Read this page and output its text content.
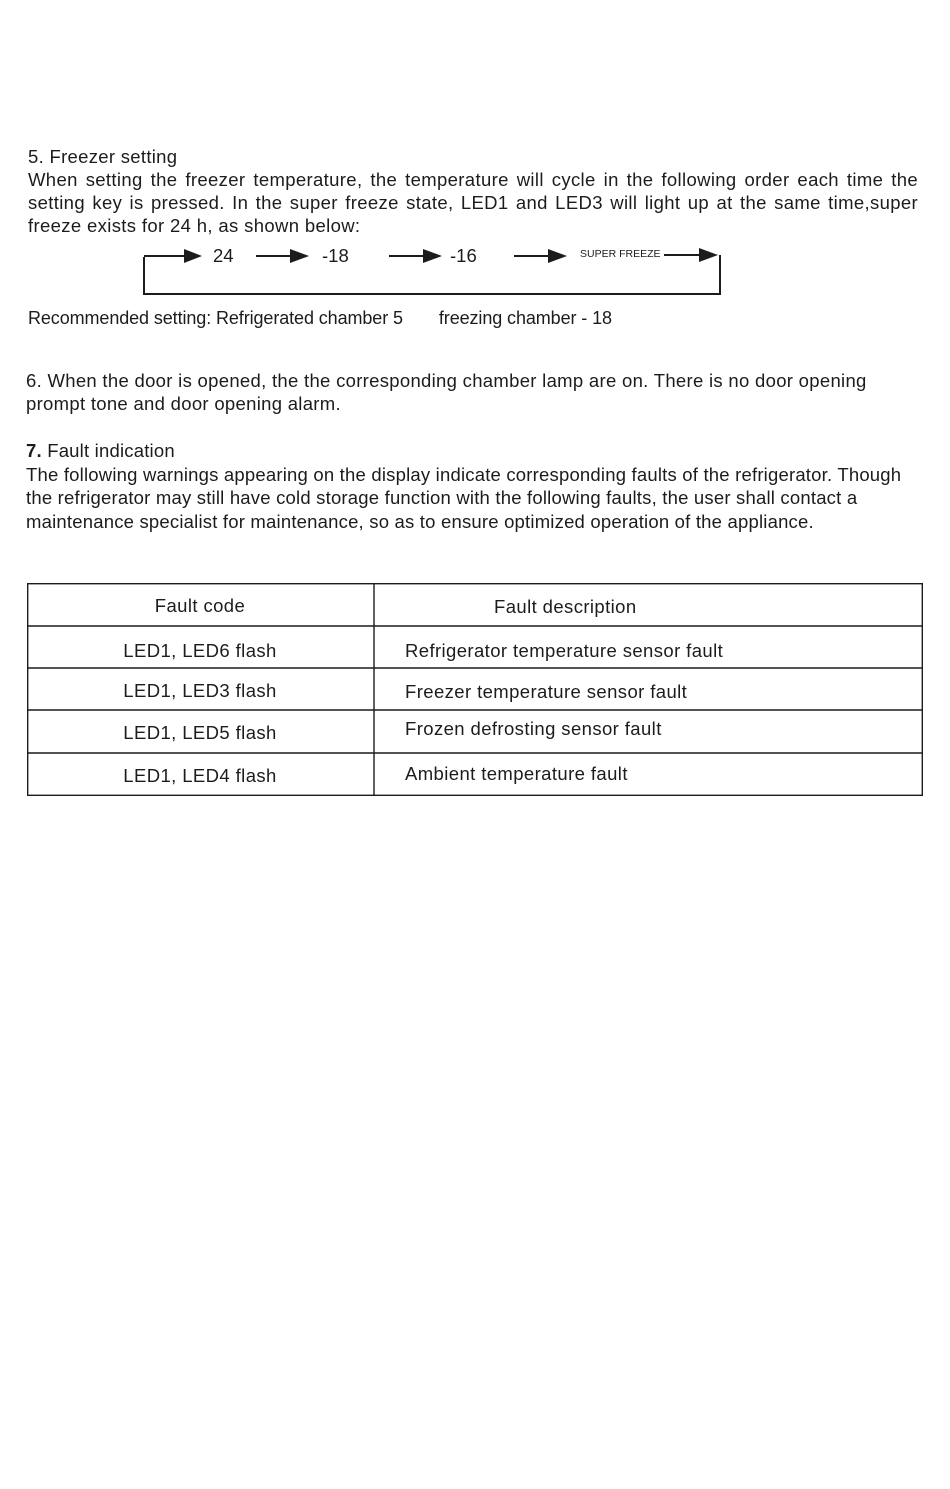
5. Freezer setting
When setting the freezer temperature, the temperature will cycle in the following order each time the setting key is pressed. In the super freeze state, LED1 and LED3 will light up at the same time,super freeze exists for 24 h, as shown below:
24	-18	-16	SUPER FREEZE
Recommended setting: Refrigerated chamber 5 freezing chamber - 18
6. When the door is opened, the the corresponding chamber lamp are on. There is no door opening prompt tone and door opening alarm.
7. Fault indication
The following warnings appearing on the display indicate corresponding faults of the refrigerator. Though the refrigerator may still have cold storage function with the following faults, the user shall contact a maintenance specialist for maintenance, so as to ensure optimized operation of the appliance.
Fault code	Fault description
LED1, LED6 flash	Refrigerator temperature sensor fault
LED1, LED3 flash	Freezer temperature sensor fault
LED1, LED5 flash	Frozen defrosting sensor fault
LED1, LED4 flash	Ambient temperature fault
